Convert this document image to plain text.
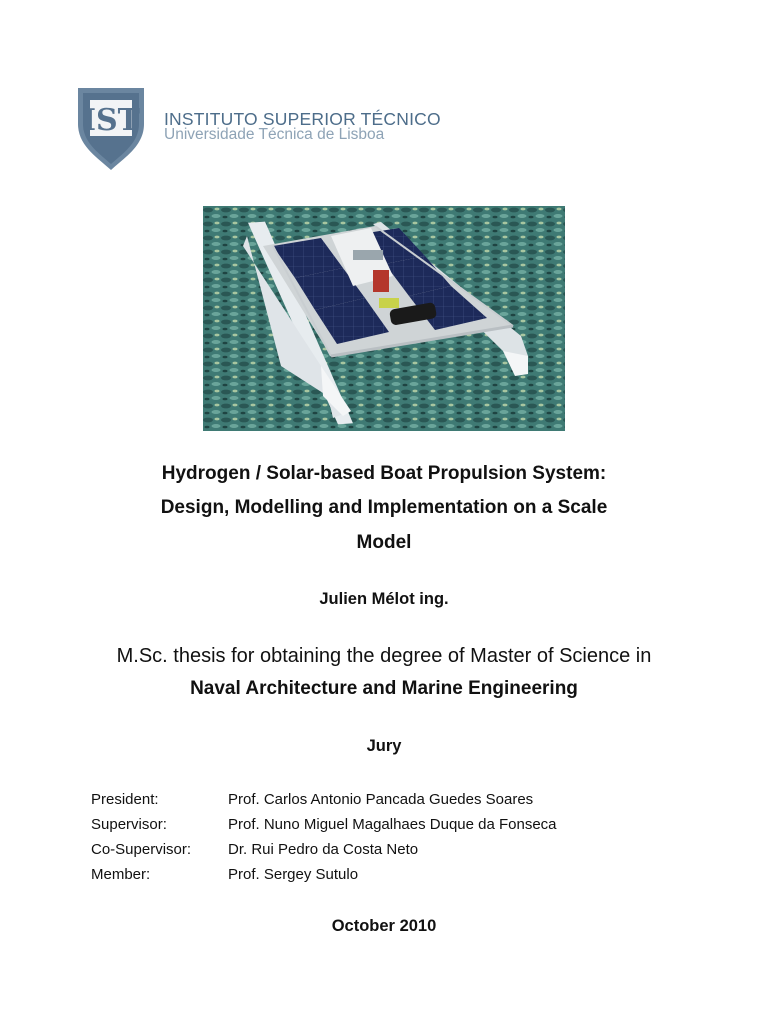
IST INSTITUTO SUPERIOR TÉCNICO
Universidade Técnica de Lisboa
Hydrogen / Solar-based Boat Propulsion System:
Design, Modelling and Implementation on a Scale
Model
Julien Mélot ing.
M.Sc. thesis for obtaining the degree of Master of Science in
Naval Architecture and Marine Engineering
Jury
President:	Prof. Carlos Antonio Pancada Guedes Soares
Supervisor:	Prof. Nuno Miguel Magalhaes Duque da Fonseca
Co-Supervisor: Dr. Rui Pedro da Costa Neto
Member:	Prof. Sergey Sutulo
October 2010
